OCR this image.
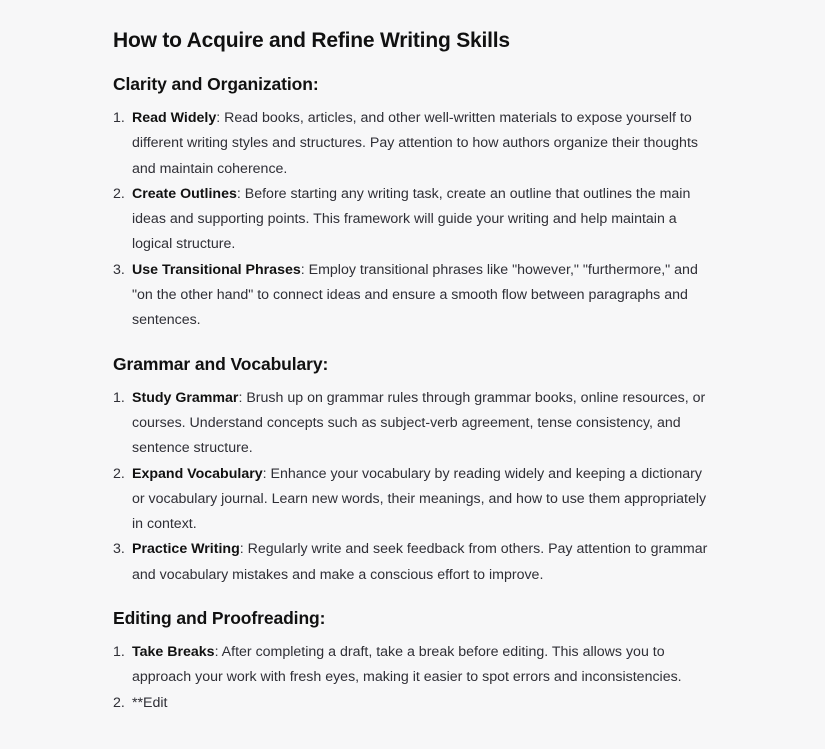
How to Acquire and Refine Writing Skills
Clarity and Organization:
1. Read Widely: Read books, articles, and other well-written materials to expose yourself to different writing styles and structures. Pay attention to how authors organize their thoughts and maintain coherence.
2. Create Outlines: Before starting any writing task, create an outline that outlines the main ideas and supporting points. This framework will guide your writing and help maintain a logical structure.
3. Use Transitional Phrases: Employ transitional phrases like "however," "furthermore," and "on the other hand" to connect ideas and ensure a smooth flow between paragraphs and sentences.
Grammar and Vocabulary:
1. Study Grammar: Brush up on grammar rules through grammar books, online resources, or courses. Understand concepts such as subject-verb agreement, tense consistency, and sentence structure.
2. Expand Vocabulary: Enhance your vocabulary by reading widely and keeping a dictionary or vocabulary journal. Learn new words, their meanings, and how to use them appropriately in context.
3. Practice Writing: Regularly write and seek feedback from others. Pay attention to grammar and vocabulary mistakes and make a conscious effort to improve.
Editing and Proofreading:
1. Take Breaks: After completing a draft, take a break before editing. This allows you to approach your work with fresh eyes, making it easier to spot errors and inconsistencies.
2. **Edit
